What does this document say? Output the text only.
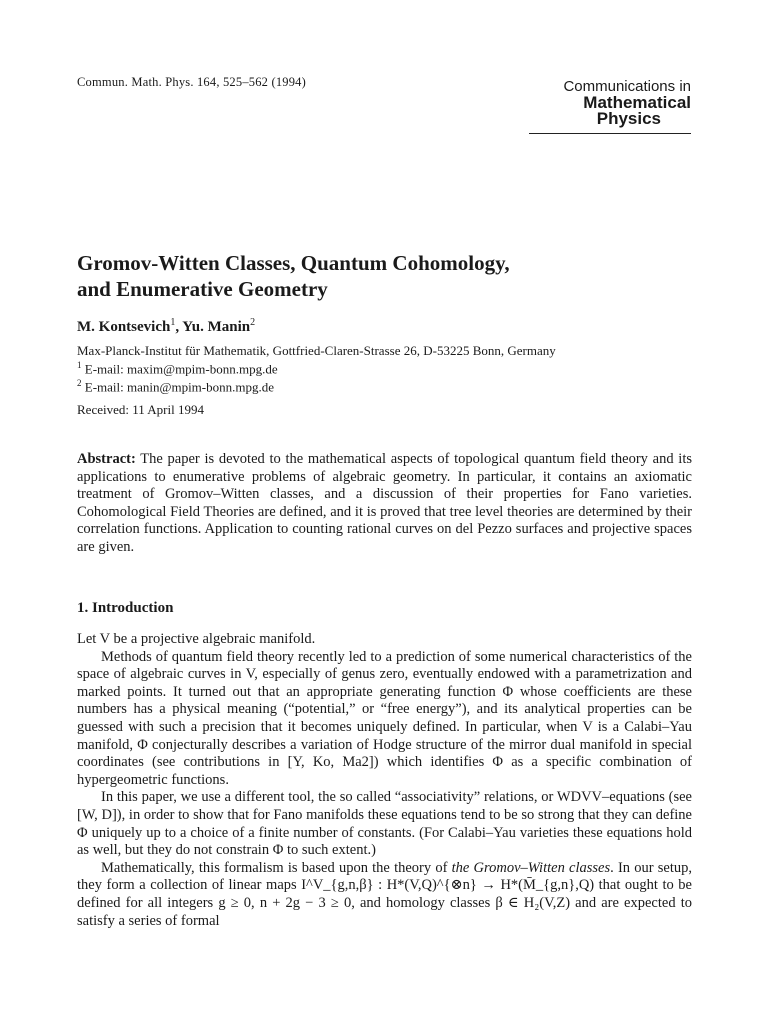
Commun. Math. Phys. 164, 525–562 (1994)	Communications in
Mathematical
Physics
Gromov-Witten Classes, Quantum Cohomology,
and Enumerative Geometry
M. Kontsevich$^1$, Yu. Manin$^2$
Max-Planck-Institut für Mathematik, Gottfried-Claren-Strasse 26, D-53225 Bonn, Germany
$^1$ E-mail: maxim@mpim-bonn.mpg.de
$^2$ E-mail: manin@mpim-bonn.mpg.de
Received: 11 April 1994
Abstract: The paper is devoted to the mathematical aspects of topological quantum field theory and its applications to enumerative problems of algebraic geometry. In particular, it contains an axiomatic treatment of Gromov–Witten classes, and a discussion of their properties for Fano varieties. Cohomological Field Theories are defined, and it is proved that tree level theories are determined by their correlation functions. Application to counting rational curves on del Pezzo surfaces and projective spaces are given.
1. Introduction

Let V be a projective algebraic manifold.

Methods of quantum field theory recently led to a prediction of some numerical characteristics of the space of algebraic curves in V, especially of genus zero, eventually endowed with a parametrization and marked points. It turned out that an appropriate generating function Φ whose coefficients are these numbers has a physical meaning (“potential,” or “free energy”), and its analytical properties can be guessed with such a precision that it becomes uniquely defined. In particular, when V is a Calabi–Yau manifold, Φ conjecturally describes a variation of Hodge structure of the mirror dual manifold in special coordinates (see contributions in [Y, Ko, Ma2]) which identifies Φ as a specific combination of hypergeometric functions.

In this paper, we use a different tool, the so called “associativity” relations, or WDVV–equations (see [W, D]), in order to show that for Fano manifolds these equations tend to be so strong that they can define Φ uniquely up to a choice of a finite number of constants. (For Calabi–Yau varieties these equations hold as well, but they do not constrain Φ to such extent.)

Mathematically, this formalism is based upon the theory of the Gromov–Witten classes. In our setup, they form a collection of linear maps I^V_{g,n,β} : H*(V,Q)^{⊗n} → H*(M̄_{g,n},Q) that ought to be defined for all integers g ≥ 0, n + 2g − 3 ≥ 0, and homology classes β ∈ H₂(V,Z) and are expected to satisfy a series of formal
